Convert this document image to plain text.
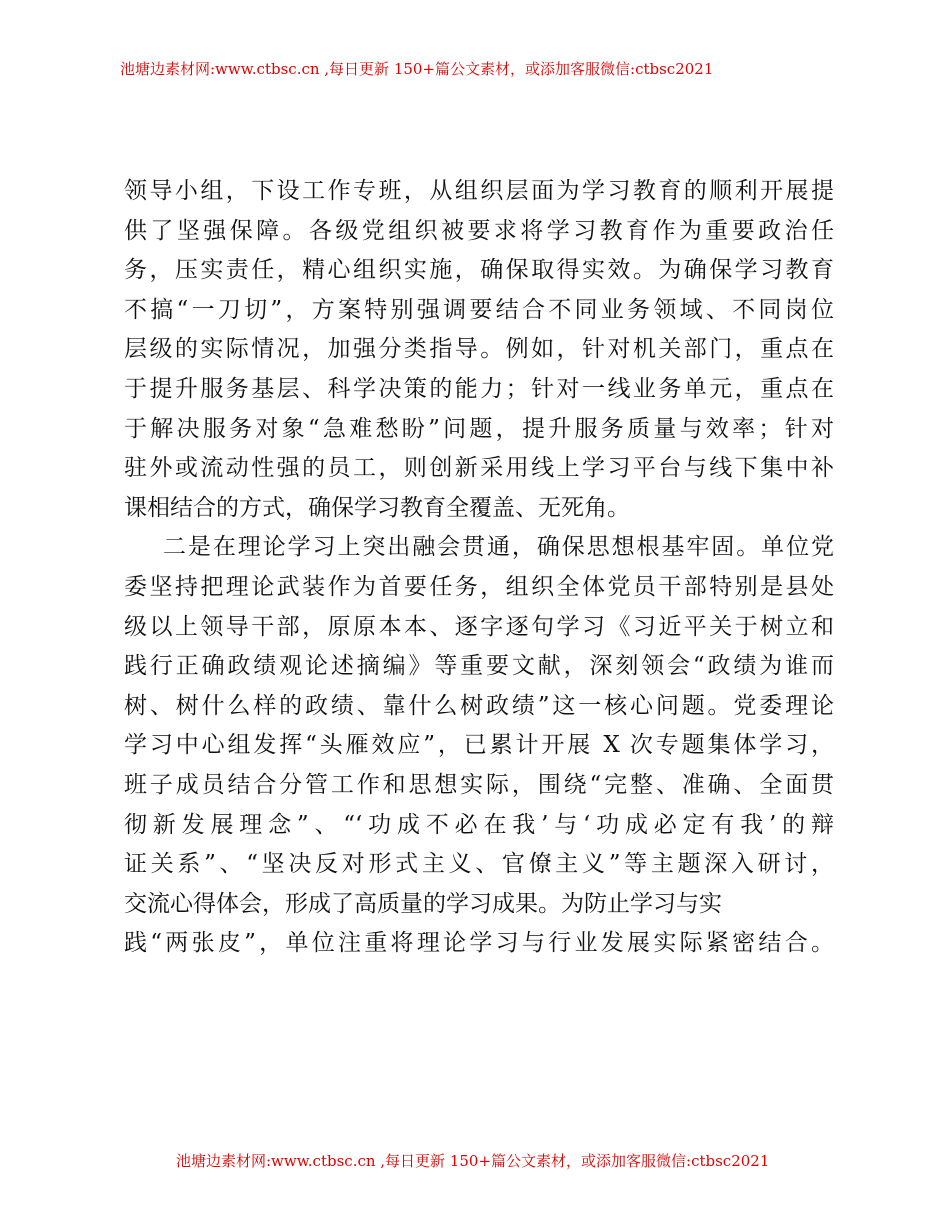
池塘边素材网:www.ctbsc.cn ,每日更新 150+篇公文素材，或添加客服微信:ctbsc2021
领导小组，下设工作专班，从组织层面为学习教育的顺利开展提
供了坚强保障。各级党组织被要求将学习教育作为重要政治任
务，压实责任，精心组织实施，确保取得实效。为确保学习教育
不搞“一刀切”，方案特别强调要结合不同业务领域、不同岗位
层级的实际情况，加强分类指导。例如，针对机关部门，重点在
于提升服务基层、科学决策的能力；针对一线业务单元，重点在
于解决服务对象“急难愁盼”问题，提升服务质量与效率；针对
驻外或流动性强的员工，则创新采用线上学习平台与线下集中补
课相结合的方式，确保学习教育全覆盖、无死角。
二是在理论学习上突出融会贯通，确保思想根基牢固。单位党
委坚持把理论武装作为首要任务，组织全体党员干部特别是县处
级以上领导干部，原原本本、逐字逐句学习《习近平关于树立和
践行正确政绩观论述摘编》等重要文献，深刻领会“政绩为谁而
树、树什么样的政绩、靠什么树政绩”这一核心问题。党委理论
学习中心组发挥“头雁效应”，已累计开展 X 次专题集体学习，
班子成员结合分管工作和思想实际，围绕“完整、准确、全面贯
彻新发展理念”、“‘功成不必在我’与‘功成必定有我’的辩
证关系”、“坚决反对形式主义、官僚主义”等主题深入研讨，
交流心得体会，形成了高质量的学习成果。为防止学习与实
践“两张皮”，单位注重将理论学习与行业发展实际紧密结合。
池塘边素材网:www.ctbsc.cn ,每日更新 150+篇公文素材，或添加客服微信:ctbsc2021
